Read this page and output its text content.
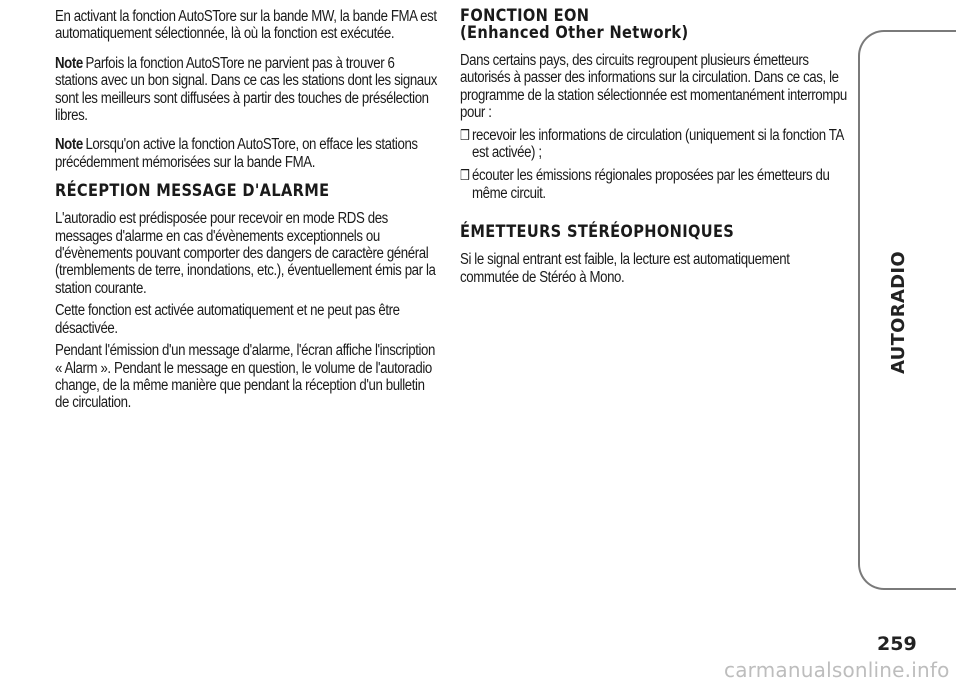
En activant la fonction AutoSTore sur la bande MW, la bande FMA est automatiquement sélectionnée, là où la fonction est exécutée.

Note Parfois la fonction AutoSTore ne parvient pas à trouver 6 stations avec un bon signal. Dans ce cas les stations dont les signaux sont les meilleurs sont diffusées à partir des touches de présélection libres.

Note Lorsqu'on active la fonction AutoSTore, on efface les stations précédemment mémorisées sur la bande FMA.

RÉCEPTION MESSAGE D'ALARME

L'autoradio est prédisposée pour recevoir en mode RDS des messages d'alarme en cas d'évènements exceptionnels ou d'évènements pouvant comporter des dangers de caractère général (tremblements de terre, inondations, etc.), éventuellement émis par la station courante.

Cette fonction est activée automatiquement et ne peut pas être désactivée.

Pendant l'émission d'un message d'alarme, l'écran affiche l'inscription « Alarm ». Pendant le message en question, le volume de l'autoradio change, de la même manière que pendant la réception d'un bulletin de circulation.

FONCTION EON
(Enhanced Other Network)

Dans certains pays, des circuits regroupent plusieurs émetteurs autorisés à passer des informations sur la circulation. Dans ce cas, le programme de la station sélectionnée est momentanément interrompu pour :

❒ recevoir les informations de circulation (uniquement si la fonction TA est activée) ;
❒ écouter les émissions régionales proposées par les émetteurs du même circuit.
ÉMETTEURS STÉRÉOPHONIQUES

Si le signal entrant est faible, la lecture est automatiquement commutée de Stéréo à Mono.	AUTORADIO
259
carmanualsonline.info
